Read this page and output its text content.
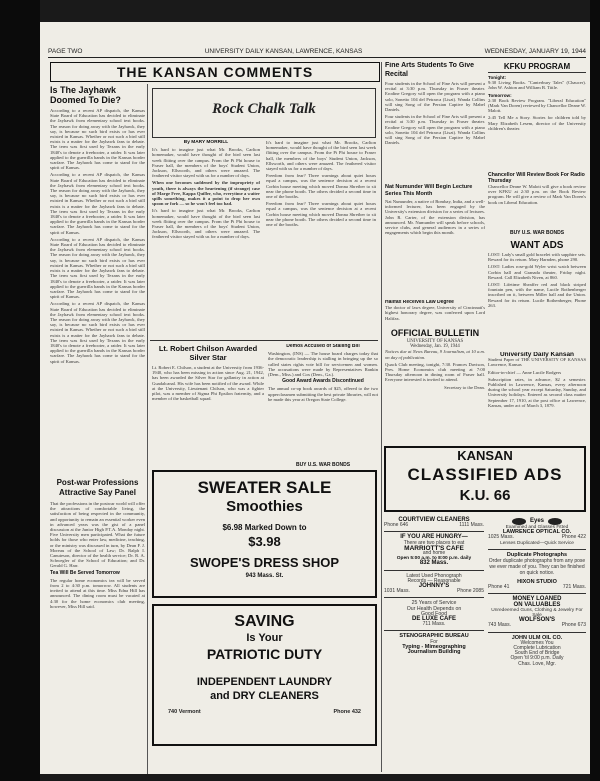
PAGE TWO	UNIVERSITY DAILY KANSAN, LAWRENCE, KANSAS	WEDNESDAY, JANUARY 19, 1944
THE KANSAN COMMENTS
Is The Jayhawk Doomed To Die?

According to a recent AP dispatch, the Kansas State Board of Education has decided to eliminate the Jayhawk from elementary school text books. The reason for doing away with the Jayhawk, they say, is because no such bird exists or has ever existed in Kansas. Whether or not such a bird still exists is a matter for the Jayhawk fans to debate. The term was first used by Texans in the early 1840's to denote a freebooter, a raider. It was later applied to the guerrilla bands in the Kansas border warfare. The Jayhawk has come to stand for the spirit of Kansas.

According to a recent AP dispatch, the Kansas State Board of Education has decided to eliminate the Jayhawk from elementary school text books. The reason for doing away with the Jayhawk, they say, is because no such bird exists or has ever existed in Kansas. Whether or not such a bird still exists is a matter for the Jayhawk fans to debate. The term was first used by Texans in the early 1840's to denote a freebooter, a raider. It was later applied to the guerrilla bands in the Kansas border warfare. The Jayhawk has come to stand for the spirit of Kansas.

According to a recent AP dispatch, the Kansas State Board of Education has decided to eliminate the Jayhawk from elementary school text books. The reason for doing away with the Jayhawk, they say, is because no such bird exists or has ever existed in Kansas. Whether or not such a bird still exists is a matter for the Jayhawk fans to debate. The term was first used by Texans in the early 1840's to denote a freebooter, a raider. It was later applied to the guerrilla bands in the Kansas border warfare. The Jayhawk has come to stand for the spirit of Kansas.

According to a recent AP dispatch, the Kansas State Board of Education has decided to eliminate the Jayhawk from elementary school text books. The reason for doing away with the Jayhawk, they say, is because no such bird exists or has ever existed in Kansas. Whether or not such a bird still exists is a matter for the Jayhawk fans to debate. The term was first used by Texans in the early 1840's to denote a freebooter, a raider. It was later applied to the guerrilla bands in the Kansas border warfare. The Jayhawk has come to stand for the spirit of Kansas.

Rock Chalk Talk
By MARY MORRILL

It's hard to imagine just what Mr. Brooks, Carlton homemaker, would have thought of the bird seen last week flitting over the campus. From the Pi Phi house to Fraser hall, the members of the boys' Student Union, Jackson, Ellsworth, and others were amazed. The feathered visitor stayed with us for a number of days.

When one becomes saddened by the impropriety of youth, there is always the heartening (if strange) case of Marge Free, Kappa Quiller, who, everytime a waiter spills something, makes it a point to drop her own spoon or fork — so he won't feel too bad.

It's hard to imagine just what Mr. Brooks, Carlton homemaker, would have thought of the bird seen last week flitting over the campus. From the Pi Phi house to Fraser hall, the members of the boys' Student Union, Jackson, Ellsworth, and others were amazed. The feathered visitor stayed with us for a number of days.

It's hard to imagine just what Mr. Brooks, Carlton homemaker, would have thought of the bird seen last week flitting over the campus. From the Pi Phi house to Fraser hall, the members of the boys' Student Union, Jackson, Ellsworth, and others were amazed. The feathered visitor stayed with us for a number of days.

Freedom from fear? Three warnings about quiet hours equal a campus, was the sentence decision at a recent Corbin house meeting which moved Donna Shreiber to sit near the phone booth. The others decided a second time in one of the booths.

Freedom from fear? Three warnings about quiet hours equal a campus, was the sentence decision at a recent Corbin house meeting which moved Donna Shreiber to sit near the phone booth. The others decided a second time in one of the booths.

Lt. Robert Chilson Awarded Silver Star

Lt. Robert E. Chilson, a student at the University from 1936-1940, who has been missing in action since Aug. 21, 1942, has been awarded the Silver Star for gallantry in action at Guadalcanal. His wife has been notified of the award. While at the University, Lieutenant Chilson, who was a fighter pilot, was a member of Sigma Phi Epsilon fraternity, and a member of the basketball squad.

Demos Accused of Stalling Bill

Washington, (INS) — The house board charges today that the democratic leadership is stalling in bringing up the so called states rights vote bill for servicemen and women. The accusations were made by Representatives Rankin (Dem., Miss.) and Cox (Dem., Ga.).

Good Award Awards Discontinued

The annual co-op book awards of $25, offered to the two upperclassmen submitting the best private libraries, will not be made this year at Oregon State College.

BUY U.S. WAR BONDS
Post-war Professions Attractive Say Panel

That the professions in the postwar world will offer the attractions of comfortable living, the satisfaction of being respected in the community, and opportunity to remain an essential worker even in advanced years was the gist of a panel discussion at the Junior High P.T.A. Monday night. Five University men participated. What the future holds for those who enter law, medicine, teaching, or the ministry was discussed in turn, by Dean F. J. Moreau of the School of Law; Dr. Ralph I. Canuteson, director of the health service; Dr. R. A. Schwegler of the School of Education; and Dr. Gerald G. Harr.

Tea Will Be Served Tomorrow

The regular home economics tea will be served from 2 to 4:30 p.m. tomorrow. All students are invited to attend at this time. Miss Edna Hill has announced. The dining room must be vacated at 4:30 for the home economics club meeting, however, Miss Hill said.

SWEATER SALE
Smoothies
$6.98 Marked Down to
$3.98
SWOPE'S DRESS SHOP
943 Mass. St.
SAVING
Is Your
PATRIOTIC DUTY
INDEPENDENT LAUNDRY
and DRY CLEANERS
740 Vermont	Phone 432
Fine Arts Students To Give Recital

Four students in the School of Fine Arts will present a recital at 3:30 p.m. Thursday in Fraser theater. Erodine Gregory will open the program with a piano solo, Sonetto 104 del Petrarca (Liszt). Wanda Collins will sing Song of the Persian Captive by Mabel Daniels.

Four students in the School of Fine Arts will present a recital at 3:30 p.m. Thursday in Fraser theater. Erodine Gregory will open the program with a piano solo, Sonetto 104 del Petrarca (Liszt). Wanda Collins will sing Song of the Persian Captive by Mabel Daniels.

Nat Numunder Will Begin Lecture Series This Month

Nat Numunder, a native of Bombay, India, and a well-informed lecturer, has been engaged by the University's extension division for a series of lectures. John R. Carter, of the extension division, has announced. Mr. Numunder will speak before schools, service clubs, and general audiences in a series of engagements which begin this month.

Halifax Receives Law Degree

The doctor of laws degree, University of Cincinnati's highest honorary degree, was conferred upon Lord Halifax.

OFFICIAL BULLETIN
UNIVERSITY OF KANSAS
Wednesday, Jan. 19, 1944

Notices due at News Bureau, 9 Journalism, at 10 a.m. on day of publication.

Quack Club meeting, tonight, 7:30. Frances Davison, Pres. Home Economics club meeting at 7:00 Thursday afternoon in dining room of Fraser hall. Everyone interested is invited to attend.

Secretary to the Dean.

KFKU PROGRAM
Tonight:

9:30 Living Books. "Canterbury Tales" (Chaucer). John W. Ashton and William B. Tittle.

Tomorrow:

2:30 Book Review Program. "Liberal Education" (Mark Van Doren) reviewed by Chancellor Deane W. Malott.

2:45 Tell Me a Story. Stories for children told by Mary Elizabeth Lesem, director of the University children's theater.

Chancellor Will Review Book For Radio Thursday

Chancellor Deane W. Malott will give a book review over KFKU at 2:30 p.m. on the Book Review program. He will give a review of Mark Van Doren's book on Liberal Education.

BUY U.S. WAR BONDS
WANT ADS

LOST: Lady's small gold bracelet with sapphire sets. Reward for its return. Mary Harnden, phone 290.

LOST: Ladies rose-gold Wyler wrist watch between Corbin hall and Granada theater, Friday night. Reward. Call Elizabeth Niven, at 860.

LOST: Lifetime Sheaffer red and black striped fountain pen, with the name, Lucile Rothenberger inscribed on it, between Miller hall and the Union. Reward for its return. Lucile Rothenberger, Phone 263.

University Daily Kansan

Student Paper of THE UNIVERSITY OF KANSAS Lawrence, Kansas

Editor-in-chief — Anne Lucile Rodgers

Subscription rates, in advance, $2 a semester. Published in Lawrence, Kansas, every afternoon during the school year except Saturday, Sunday, and University holidays. Entered as second class matter September 17, 1910, at the post office at Lawrence, Kansas, under act of March 3, 1879.

KANSAN
CLASSIFIED ADS
K.U. 66
COURTVIEW CLEANERS
Phone 646	1111 Mass.
IF YOU ARE HUNGRY—
There are two places to eat
MARRIOTT'S CAFE
and home
Open 5:00 a.m. to 8:00 p.m. daily
832 Mass.
Latest Used Phonograph
Records — Reasonable
JOHNNY'S
1031 Mass.	Phone 2085
25 Years of Service
Our Health Depends on
Good Food
DE LUXE CAFE
711 Mass.
STENOGRAPHIC BUREAU
For
Typing - Mimeographing
Journalism Building
Eyes
Examined and Glasses Fitted
LAWRENCE OPTICAL CO.
1025 Mass.	Phone 422
Lenses Duplicated—Quick Service
Duplicate Photographs
Order duplicate photographs from any pose we ever made of you. They can be finished on quick notice.
HIXON STUDIO
Phone 41	721 Mass.
MONEY LOANED
ON VALUABLES
Unredeemed Guns, Clothing & Jewelry For Sale
WOLFSON'S
743 Mass.	Phone 673
JOHN ULM OIL CO.
Welcomes You
Complete Lubrication
South End of Bridge
Open 'til 9:00 p.m. Daily
Chas. Love, Mgr.
